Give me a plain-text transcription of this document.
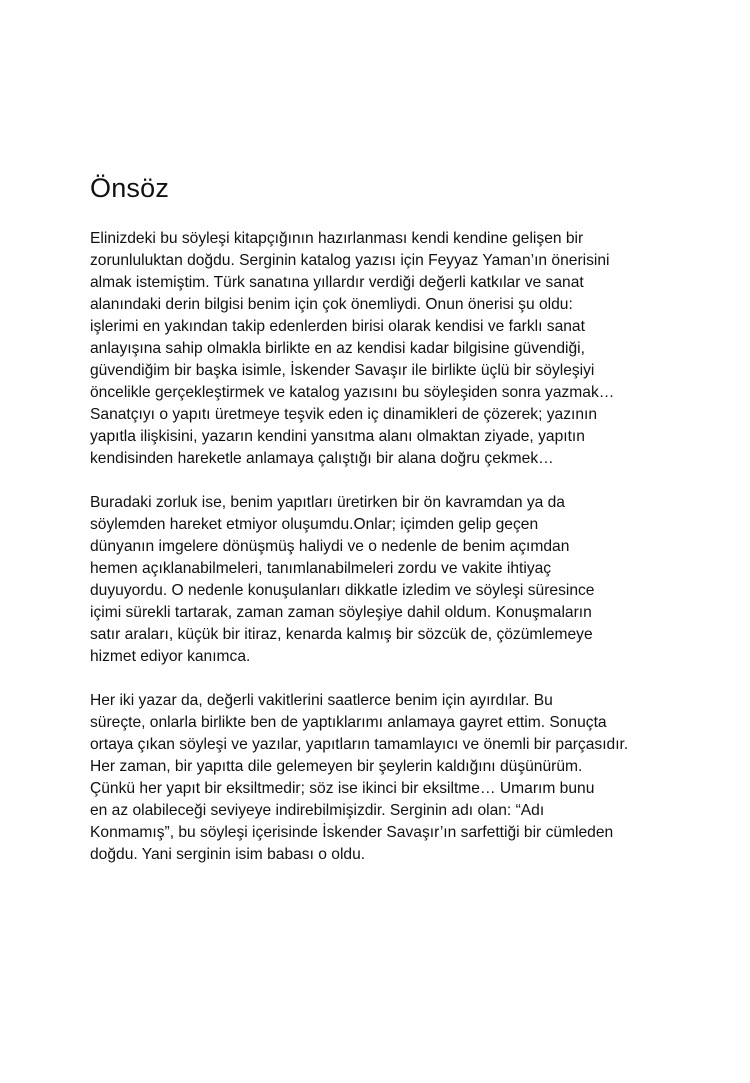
Önsöz

Elinizdeki bu söyleşi kitapçığının hazırlanması kendi kendine gelişen bir
zorunluluktan doğdu. Serginin katalog yazısı için Feyyaz Yaman’ın önerisini
almak istemiştim. Türk sanatına yıllardır verdiği değerli katkılar ve sanat
alanındaki derin bilgisi benim için çok önemliydi. Onun önerisi şu oldu:
işlerimi en yakından takip edenlerden birisi olarak kendisi ve farklı sanat
anlayışına sahip olmakla birlikte en az kendisi kadar bilgisine güvendiği,
güvendiğim bir başka isimle, İskender Savaşır ile birlikte üçlü bir söyleşiyi
öncelikle gerçekleştirmek ve katalog yazısını bu söyleşiden sonra yazmak…
Sanatçıyı o yapıtı üretmeye teşvik eden iç dinamikleri de çözerek; yazının
yapıtla ilişkisini, yazarın kendini yansıtma alanı olmaktan ziyade, yapıtın
kendisinden hareketle anlamaya çalıştığı bir alana doğru çekmek…

Buradaki zorluk ise, benim yapıtları üretirken bir ön kavramdan ya da
söylemden hareket etmiyor oluşumdu.Onlar; içimden gelip geçen
dünyanın imgelere dönüşmüş haliydi ve o nedenle de benim açımdan
hemen açıklanabilmeleri, tanımlanabilmeleri zordu ve vakite ihtiyaç
duyuyordu. O nedenle konuşulanları dikkatle izledim ve söyleşi süresince
içimi sürekli tartarak, zaman zaman söyleşiye dahil oldum. Konuşmaların
satır araları, küçük bir itiraz, kenarda kalmış bir sözcük de, çözümlemeye
hizmet ediyor kanımca.

Her iki yazar da, değerli vakitlerini saatlerce benim için ayırdılar. Bu
süreçte, onlarla birlikte ben de yaptıklarımı anlamaya gayret ettim. Sonuçta
ortaya çıkan söyleşi ve yazılar, yapıtların tamamlayıcı ve önemli bir parçasıdır.
Her zaman, bir yapıtta dile gelemeyen bir şeylerin kaldığını düşünürüm.
Çünkü her yapıt bir eksiltmedir; söz ise ikinci bir eksiltme… Umarım bunu
en az olabileceği seviyeye indirebilmişizdir. Serginin adı olan: “Adı
Konmamış”, bu söyleşi içerisinde İskender Savaşır’ın sarfettiği bir cümleden
doğdu. Yani serginin isim babası o oldu.
